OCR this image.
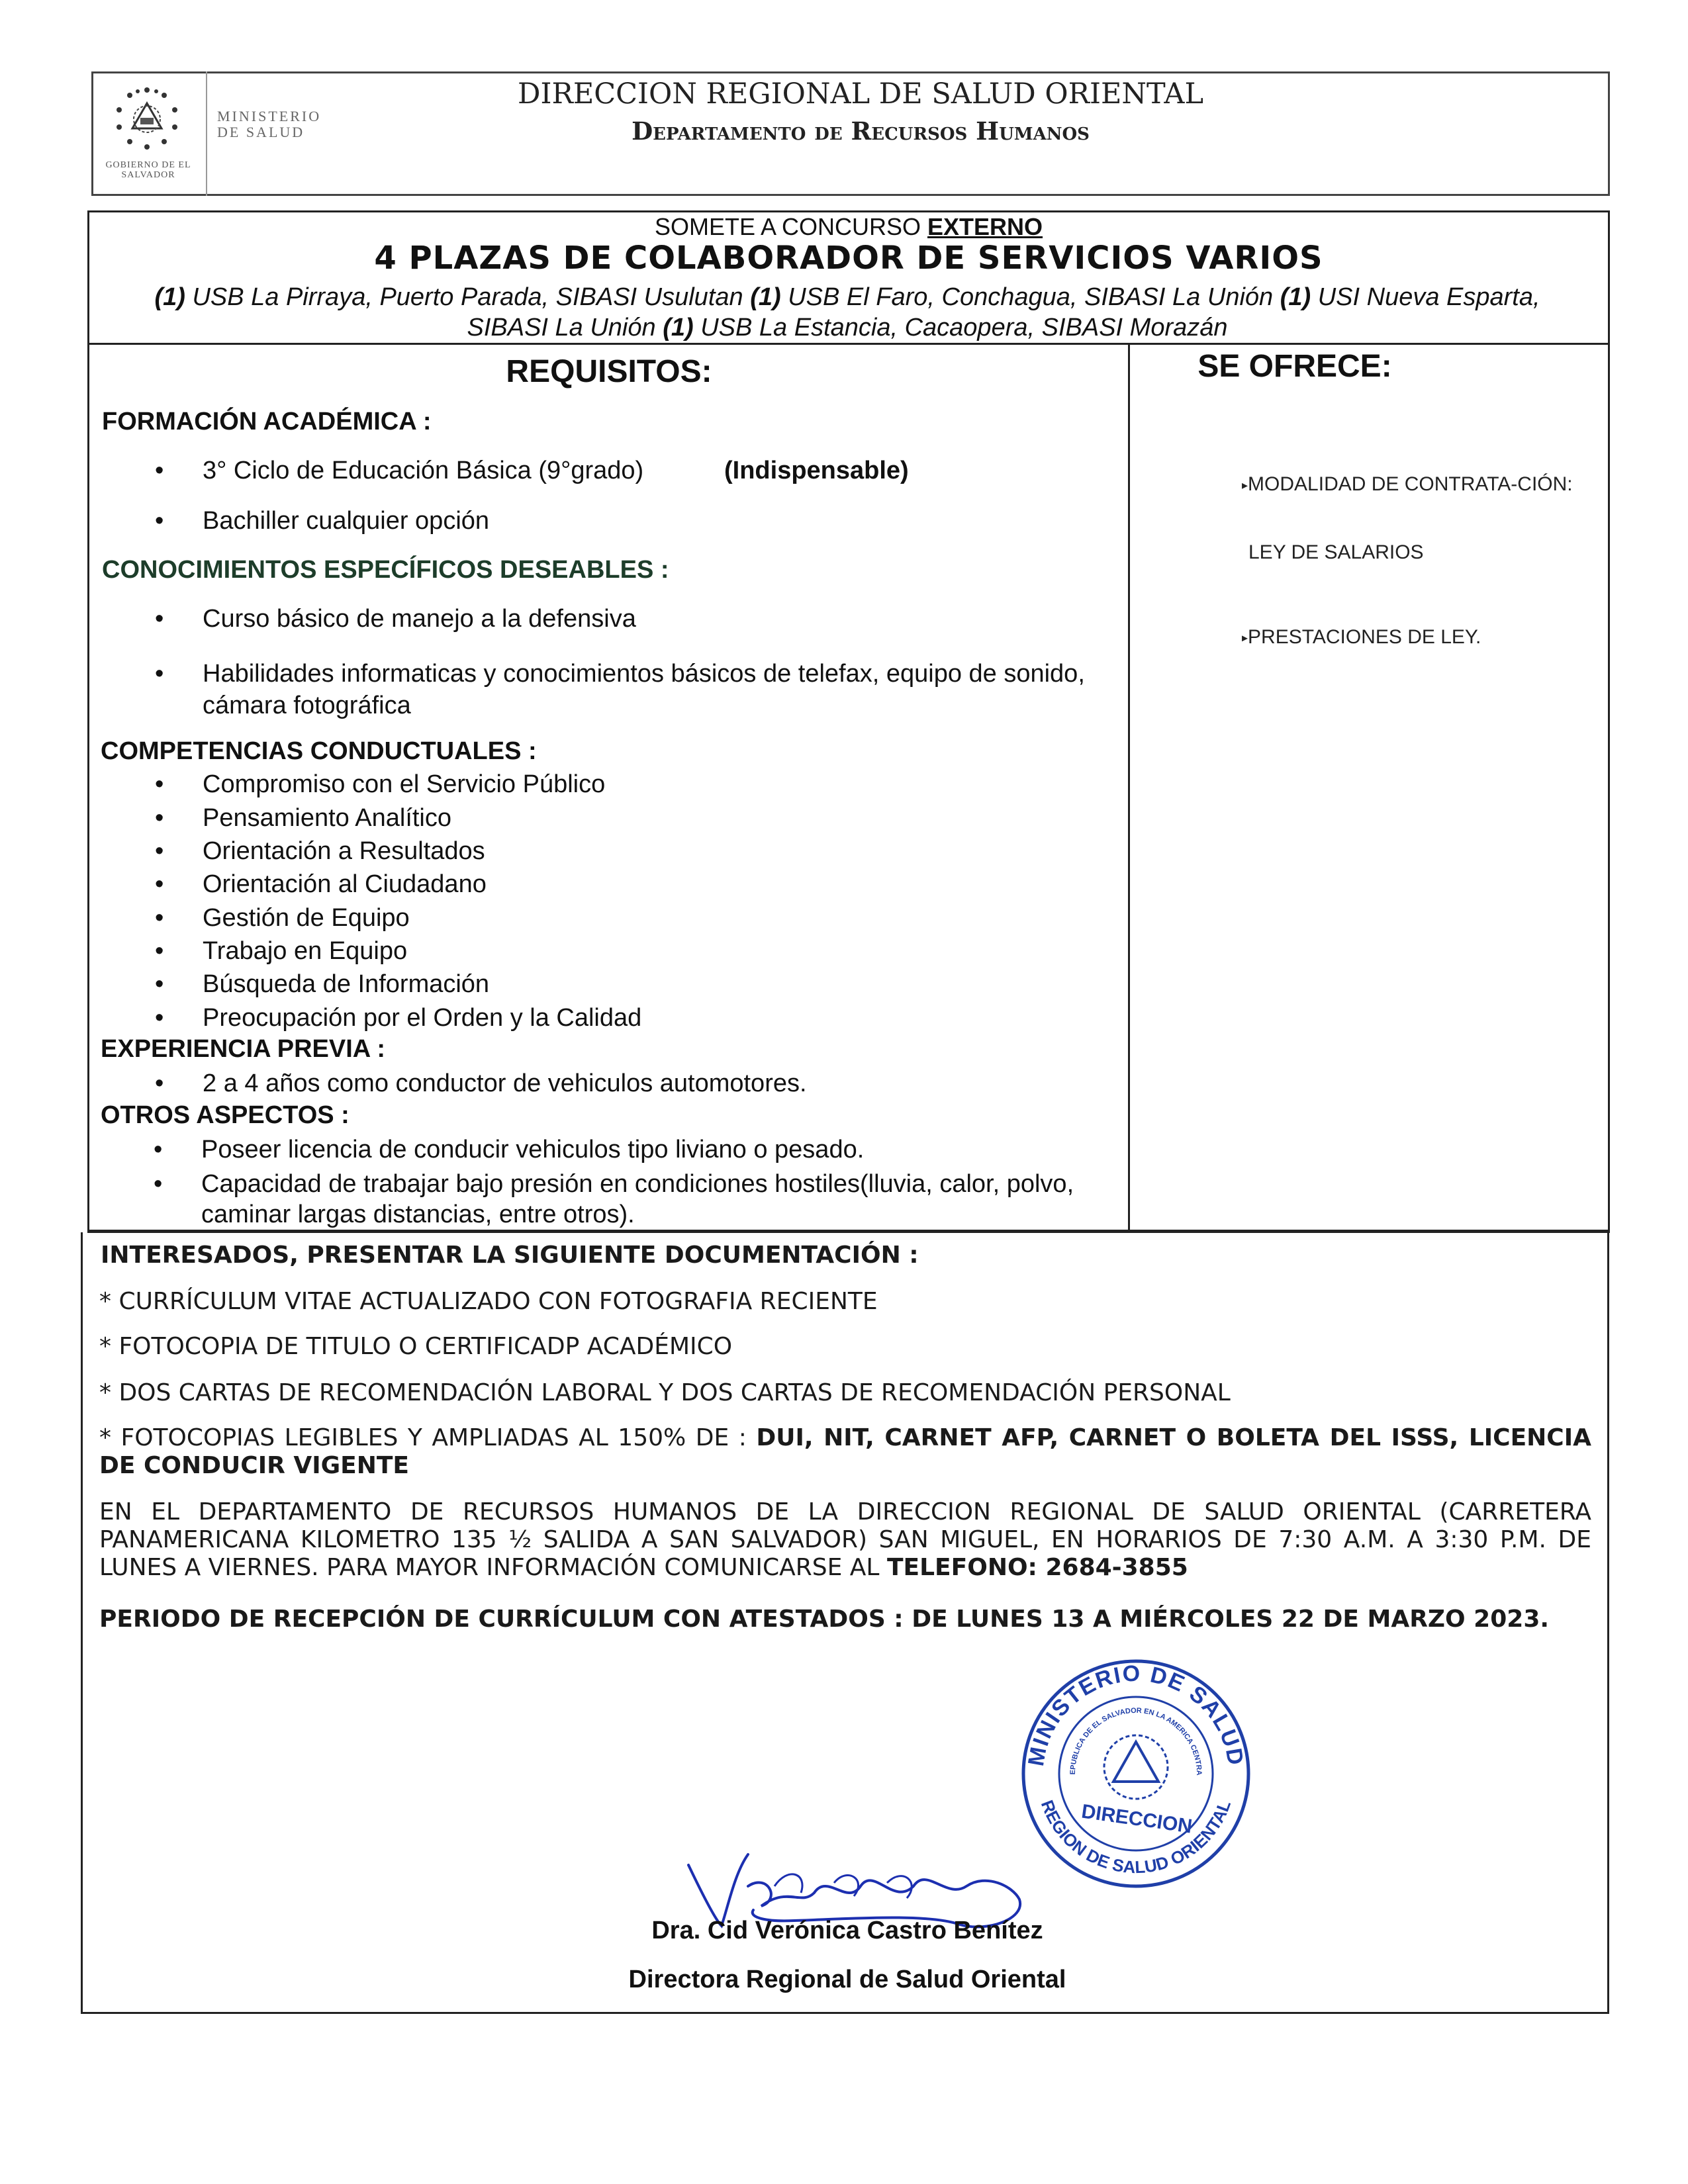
GOBIERNO DE EL SALVADOR
MINISTERIO
DE SALUD
DIRECCION REGIONAL DE SALUD ORIENTAL
Departamento de Recursos Humanos
SOMETE A CONCURSO EXTERNO
4 PLAZAS DE COLABORADOR DE SERVICIOS VARIOS
(1) USB La Pirraya, Puerto Parada, SIBASI Usulutan (1) USB El Faro, Conchagua, SIBASI La Unión (1) USI Nueva Esparta, SIBASI La Unión (1) USB La Estancia, Cacaopera, SIBASI Morazán
REQUISITOS:	SE OFRECE:
FORMACIÓN ACADÉMICA :
• 3° Ciclo de Educación Básica (9°grado)	(Indispensable)
• Bachiller cualquier opción
CONOCIMIENTOS ESPECÍFICOS DESEABLES :
• Curso básico de manejo a la defensiva
• Habilidades informaticas y conocimientos básicos de telefax, equipo de sonido, cámara fotográfica
COMPETENCIAS CONDUCTUALES :
• Compromiso con el Servicio Público
• Pensamiento Analítico
• Orientación a Resultados
• Orientación al Ciudadano
• Gestión de Equipo
• Trabajo en Equipo
• Búsqueda de Información
• Preocupación por el Orden y la Calidad
EXPERIENCIA PREVIA :
• 2 a 4 años como conductor de vehiculos automotores.
OTROS ASPECTOS :
• Poseer licencia de conducir vehiculos tipo liviano o pesado.
• Capacidad de trabajar bajo presión en condiciones hostiles(lluvia, calor, polvo, caminar largas distancias, entre otros).
▸MODALIDAD DE CONTRATA-CIÓN:
LEY DE SALARIOS
▸PRESTACIONES DE LEY.
INTERESADOS, PRESENTAR LA SIGUIENTE DOCUMENTACIÓN :
* CURRÍCULUM VITAE ACTUALIZADO CON FOTOGRAFIA RECIENTE
* FOTOCOPIA DE TITULO O CERTIFICADP ACADÉMICO
* DOS CARTAS DE RECOMENDACIÓN LABORAL Y DOS CARTAS DE RECOMENDACIÓN PERSONAL
* FOTOCOPIAS LEGIBLES Y AMPLIADAS AL 150% DE : DUI, NIT, CARNET AFP, CARNET O BOLETA DEL ISSS, LICENCIA DE CONDUCIR VIGENTE
EN EL DEPARTAMENTO DE RECURSOS HUMANOS DE LA DIRECCION REGIONAL DE SALUD ORIENTAL (CARRETERA PANAMERICANA KILOMETRO 135 ½ SALIDA A SAN SALVADOR) SAN MIGUEL, EN HORARIOS DE 7:30 A.M. A 3:30 P.M. DE LUNES A VIERNES. PARA MAYOR INFORMACIÓN COMUNICARSE AL TELEFONO: 2684-3855
PERIODO DE RECEPCIÓN DE CURRÍCULUM CON ATESTADOS : DE LUNES 13 A MIÉRCOLES 22 DE MARZO 2023.
MINISTERIO DE SALUD
REGION DE SALUD ORIENTAL
EPUBLICA DE EL SALVADOR EN LA AMERICA CENTRA
DIRECCION
Dra. Cid Verónica Castro Benítez
Directora Regional de Salud Oriental
